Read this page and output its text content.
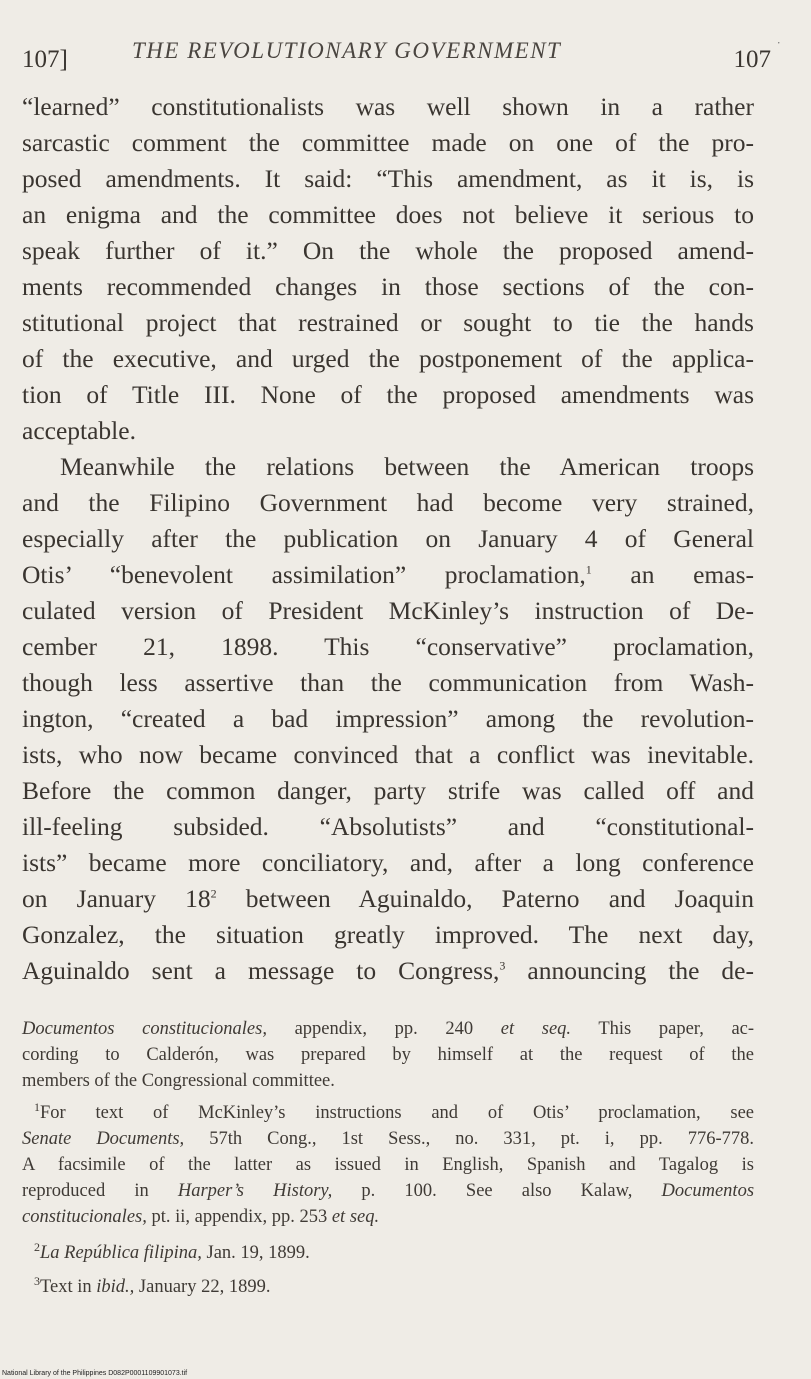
107]	THE REVOLUTIONARY GOVERNMENT	107 ˙
“learned” constitutionalists was well shown in a rather
sarcastic comment the committee made on one of the pro-
posed amendments. It said: “This amendment, as it is, is
an enigma and the committee does not believe it serious to
speak further of it.” On the whole the proposed amend-
ments recommended changes in those sections of the con-
stitutional project that restrained or sought to tie the hands
of the executive, and urged the postponement of the applica-
tion of Title III. None of the proposed amendments was
acceptable.
Meanwhile the relations between the American troops
and the Filipino Government had become very strained,
especially after the publication on January 4 of General
Otis’ “benevolent assimilation” proclamation,$^1$ an emas-
culated version of President McKinley’s instruction of De-
cember 21, 1898. This “conservative” proclamation,
though less assertive than the communication from Wash-
ington, “created a bad impression” among the revolution-
ists, who now became convinced that a conflict was inevitable.
Before the common danger, party strife was called off and
ill-feeling subsided. “Absolutists” and “constitutional-
ists” became more conciliatory, and, after a long conference
on January $18^2$ between Aguinaldo, Paterno and Joaquin
Gonzalez, the situation greatly improved. The next day,
Aguinaldo sent a message to Congress,$^3$ announcing the de-
Documentos constitucionales, appendix, pp. 240 et seq. This paper, ac-
cording to Calderón, was prepared by himself at the request of the
members of the Congressional committee.
$^1$For text of McKinley’s instructions and of Otis’ proclamation, see
Senate Documents, 57th Cong., 1st Sess., no. 331, pt. i, pp. 776-778.
A facsimile of the latter as issued in English, Spanish and Tagalog is
reproduced in Harper’s History, p. 100. See also Kalaw, Documentos
constitucionales, pt. ii, appendix, pp. 253 et seq.
$^2$La República filipina, Jan. 19, 1899.
$^3$Text in ibid., January 22, 1899.
National Library of the Philippines D082P0001109901073.tif
